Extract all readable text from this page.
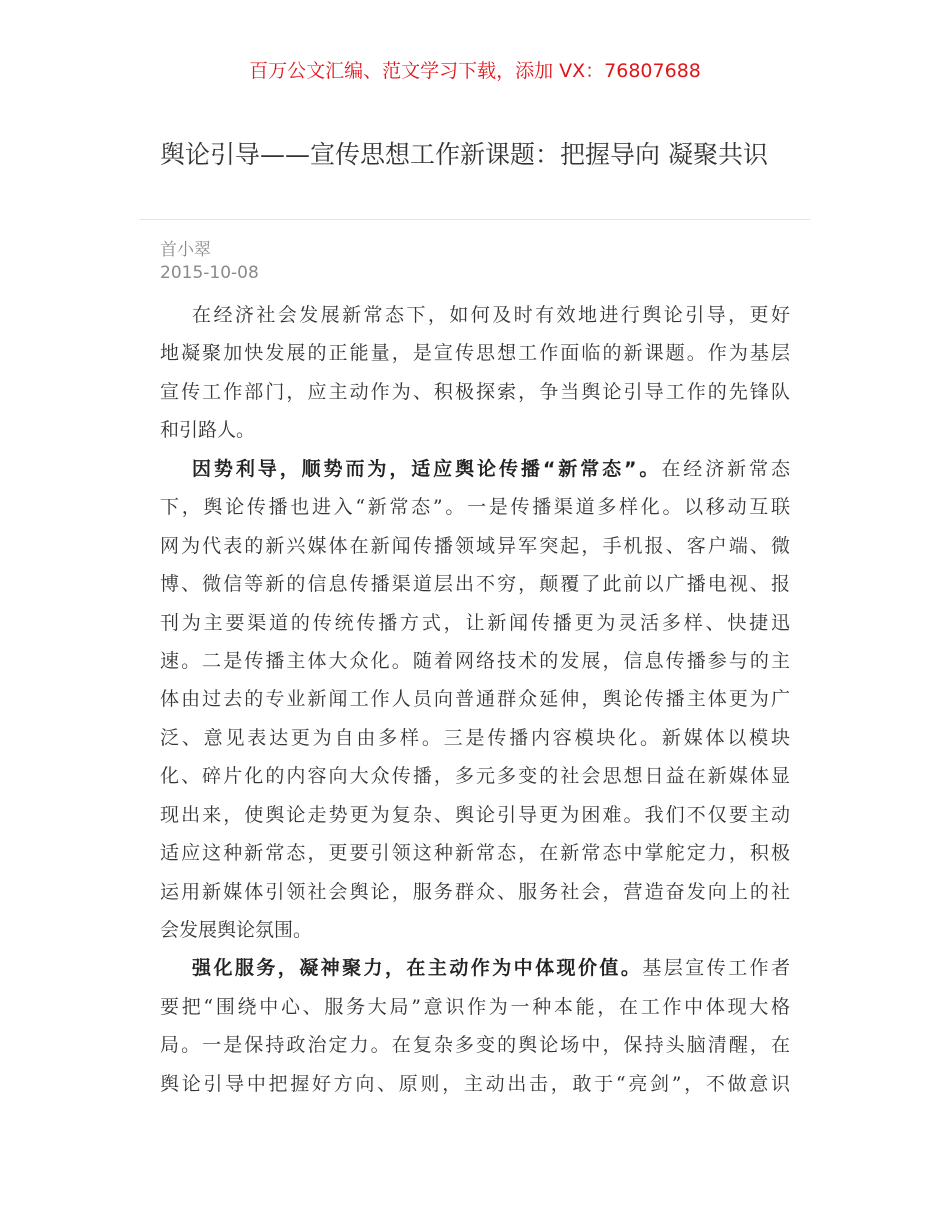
百万公文汇编、范文学习下载，添加 VX：76807688
舆论引导——宣传思想工作新课题：把握导向 凝聚共识
首小翠
2015-10-08
在经济社会发展新常态下，如何及时有效地进行舆论引导，更好
地凝聚加快发展的正能量，是宣传思想工作面临的新课题。作为基层
宣传工作部门，应主动作为、积极探索，争当舆论引导工作的先锋队
和引路人。
因势利导，顺势而为，适应舆论传播“新常态”。在经济新常态
下，舆论传播也进入“新常态”。一是传播渠道多样化。以移动互联
网为代表的新兴媒体在新闻传播领域异军突起，手机报、客户端、微
博、微信等新的信息传播渠道层出不穷，颠覆了此前以广播电视、报
刊为主要渠道的传统传播方式，让新闻传播更为灵活多样、快捷迅
速。二是传播主体大众化。随着网络技术的发展，信息传播参与的主
体由过去的专业新闻工作人员向普通群众延伸，舆论传播主体更为广
泛、意见表达更为自由多样。三是传播内容模块化。新媒体以模块
化、碎片化的内容向大众传播，多元多变的社会思想日益在新媒体显
现出来，使舆论走势更为复杂、舆论引导更为困难。我们不仅要主动
适应这种新常态，更要引领这种新常态，在新常态中掌舵定力，积极
运用新媒体引领社会舆论，服务群众、服务社会，营造奋发向上的社
会发展舆论氛围。
强化服务，凝神聚力，在主动作为中体现价值。基层宣传工作者
要把“围绕中心、服务大局”意识作为一种本能，在工作中体现大格
局。一是保持政治定力。在复杂多变的舆论场中，保持头脑清醒，在
舆论引导中把握好方向、原则，主动出击，敢于“亮剑”，不做意识
